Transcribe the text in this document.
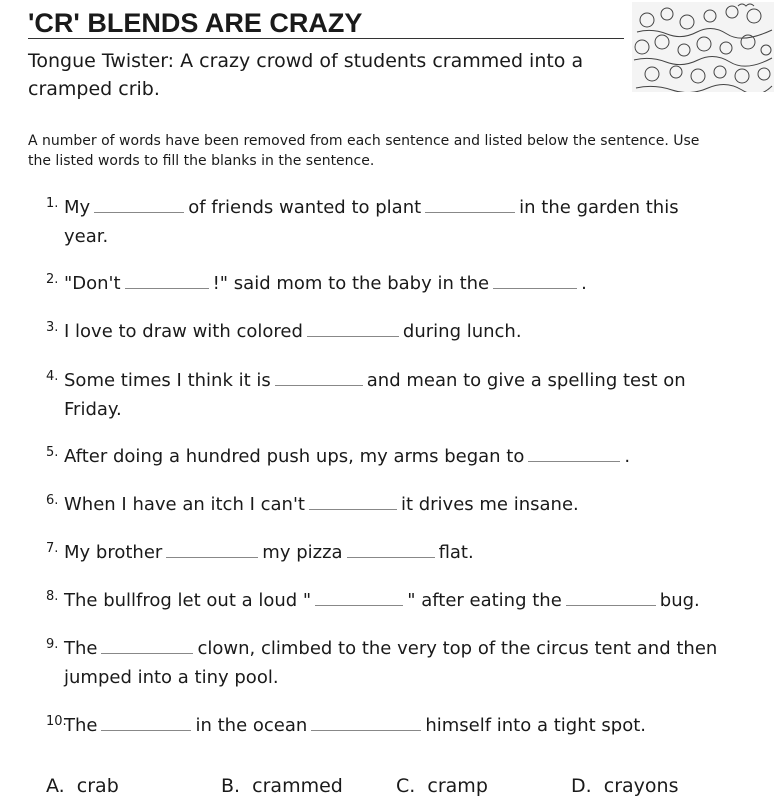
'CR' BLENDS ARE CRAZY
Tongue Twister: A crazy crowd of students crammed into a cramped crib.
A number of words have been removed from each sentence and listed below the sentence. Use the listed words to fill the blanks in the sentence.
1. My	of friends wanted to plant	in the garden this
year.
2. "Don't	!" said mom to the baby in the	.
3. I love to draw with colored	during lunch.
4. Some times I think it is	and mean to give a spelling test on
Friday.
5. After doing a hundred push ups, my arms began to	.
6. When I have an itch I can't	it drives me insane.
7. My brother	my pizza	flat.
8. The bullfrog let out a loud "	" after eating the	bug.
9. The	clown, climbed to the very top of the circus tent and then
jumped into a tiny pool.
10.
The	in the ocean	himself into a tight spot.
A. crab	B. crammed	C. cramp	D. crayons
